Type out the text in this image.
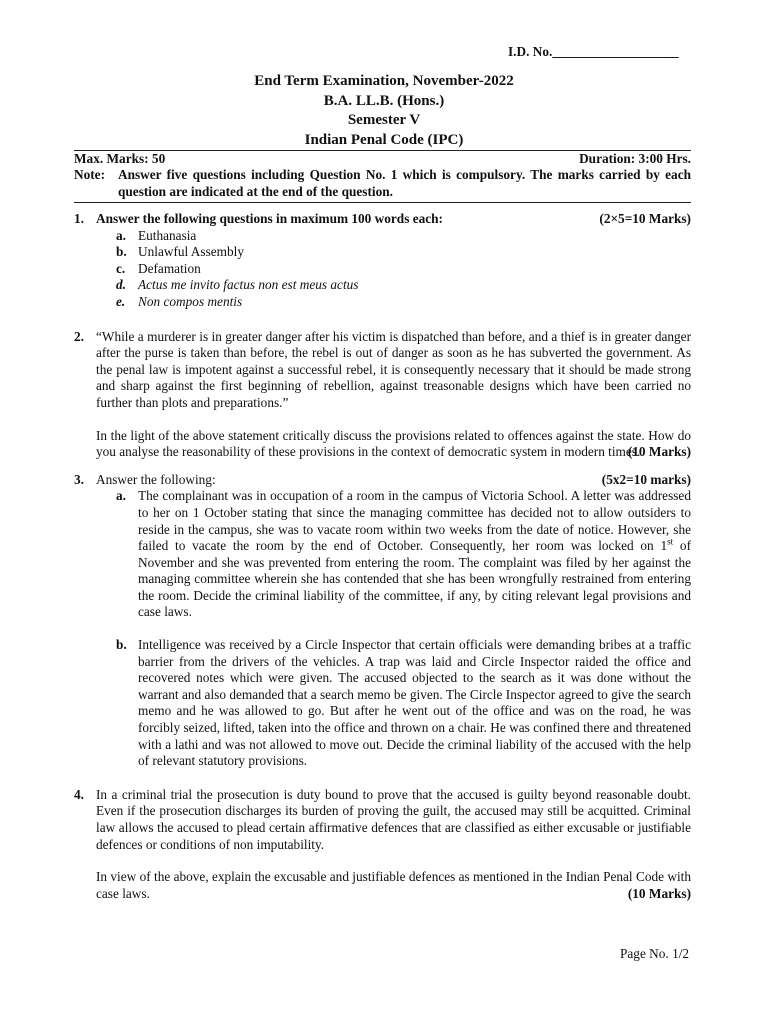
I.D. No.___________________
End Term Examination, November-2022
B.A. LL.B. (Hons.)
Semester V
Indian Penal Code (IPC)
Max. Marks: 50	Duration: 3:00 Hrs.
Note: Answer five questions including Question No. 1 which is compulsory. The marks carried by each question are indicated at the end of the question.
1. Answer the following questions in maximum 100 words each:	(2×5=10 Marks)
a. Euthanasia
b. Unlawful Assembly
c. Defamation
d. Actus me invito factus non est meus actus
e. Non compos mentis
2. “While a murderer is in greater danger after his victim is dispatched than before, and a thief is in greater danger after the purse is taken than before, the rebel is out of danger as soon as he has subverted the government. As the penal law is impotent against a successful rebel, it is consequently necessary that it should be made strong and sharp against the first beginning of rebellion, against treasonable designs which have been carried no further than plots and preparations.”

In the light of the above statement critically discuss the provisions related to offences against the state. How do you analyse the reasonability of these provisions in the context of democratic system in modern times.

(10 Marks)
3. Answer the following:	(5x2=10 marks)
a. The complainant was in occupation of a room in the campus of Victoria School. A letter was addressed to her on 1 October stating that since the managing committee has decided not to allow outsiders to reside in the campus, she was to vacate room within two weeks from the date of notice. However, she failed to vacate the room by the end of October. Consequently, her room was locked on 1st of November and she was prevented from entering the room. The complaint was filed by her against the managing committee wherein she has contended that she has been wrongfully restrained from entering the room. Decide the criminal liability of the committee, if any, by citing relevant legal provisions and case laws.
b. Intelligence was received by a Circle Inspector that certain officials were demanding bribes at a traffic barrier from the drivers of the vehicles. A trap was laid and Circle Inspector raided the office and recovered notes which were given. The accused objected to the search as it was done without the warrant and also demanded that a search memo be given. The Circle Inspector agreed to give the search memo and he was allowed to go. But after he went out of the office and was on the road, he was forcibly seized, lifted, taken into the office and thrown on a chair. He was confined there and threatened with a lathi and was not allowed to move out. Decide the criminal liability of the accused with the help of relevant statutory provisions.
4. In a criminal trial the prosecution is duty bound to prove that the accused is guilty beyond reasonable doubt. Even if the prosecution discharges its burden of proving the guilt, the accused may still be acquitted. Criminal law allows the accused to plead certain affirmative defences that are classified as either excusable or justifiable defences or conditions of non imputability.

In view of the above, explain the excusable and justifiable defences as mentioned in the Indian Penal Code with case laws.	(10 Marks)
Page No. 1/2
